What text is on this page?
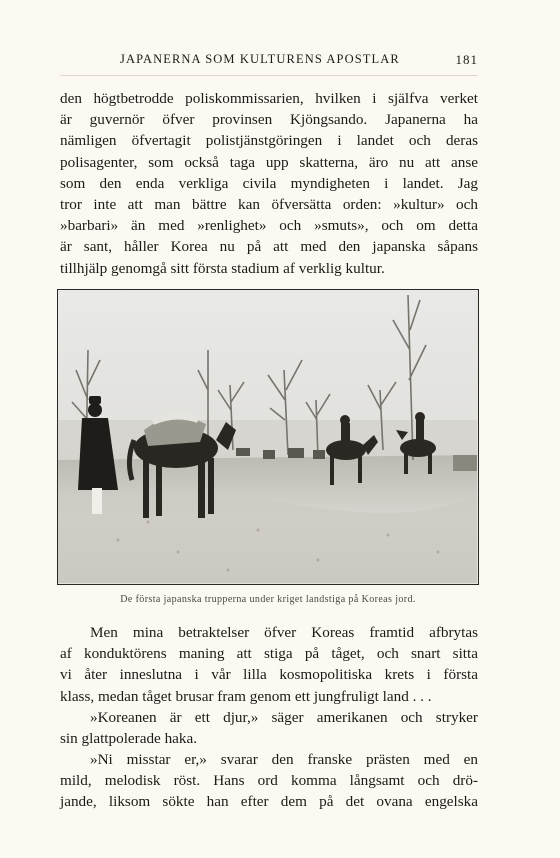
JAPANERNA SOM KULTURENS APOSTLAR	181
den högtbetrodde poliskommissarien, hvilken i själfva verket
är guvernör öfver provinsen Kjöngsando. Japanerna ha
nämligen öfvertagit polistjänstgöringen i landet och deras
polisagenter, som också taga upp skatterna, äro nu att anse
som den enda verkliga civila myndigheten i landet. Jag
tror inte att man bättre kan öfversätta orden: »kultur» och
»barbari» än med »renlighet» och »smuts», och om detta
är sant, håller Korea nu på att med den japanska såpans
tillhjälp genomgå sitt första stadium af verklig kultur.
De första japanska trupperna under kriget landstiga på Koreas jord.
Men mina betraktelser öfver Koreas framtid afbrytas
af konduktörens maning att stiga på tåget, och snart sitta
vi åter inneslutna i vår lilla kosmopolitiska krets i första
klass, medan tåget brusar fram genom ett jungfruligt land . . .
»Koreanen är ett djur,» säger amerikanen och stryker
sin glattpolerade haka.
»Ni misstar er,» svarar den franske prästen med en
mild, melodisk röst. Hans ord komma långsamt och drö-
jande, liksom sökte han efter dem på det ovana engelska
